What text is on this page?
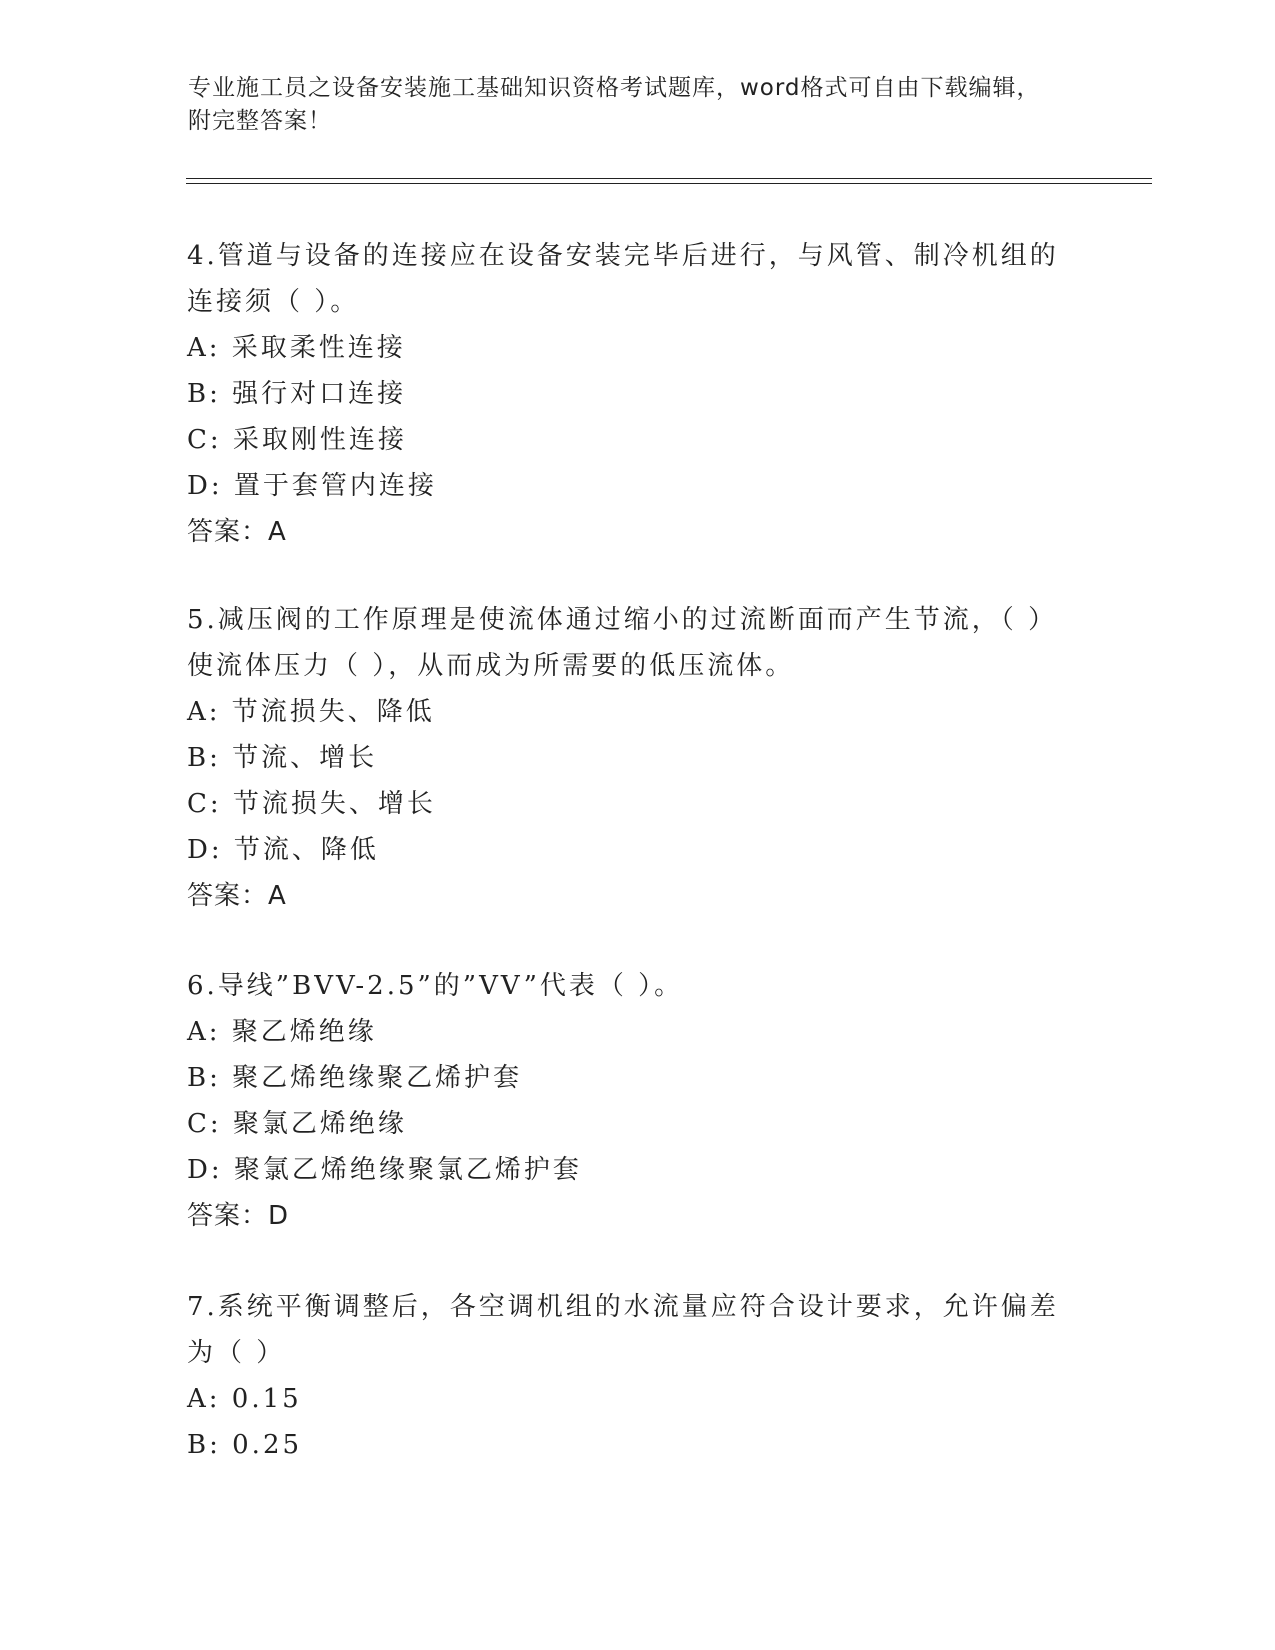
专业施工员之设备安装施工基础知识资格考试题库，word格式可自由下载编辑，
附完整答案！

4.管道与设备的连接应在设备安装完毕后进行，与风管、制冷机组的

连接须（ ）。

A: 采取柔性连接

B: 强行对口连接

C: 采取刚性连接

D: 置于套管内连接

答案：A

5.减压阀的工作原理是使流体通过缩小的过流断面而产生节流，（ ）

使流体压力（ ），从而成为所需要的低压流体。

A: 节流损失、降低

B: 节流、增长

C: 节流损失、增长

D: 节流、降低

答案：A

6.导线”BVV-2.5”的”VV”代表（ ）。

A: 聚乙烯绝缘

B: 聚乙烯绝缘聚乙烯护套

C: 聚氯乙烯绝缘

D: 聚氯乙烯绝缘聚氯乙烯护套

答案：D

7.系统平衡调整后，各空调机组的水流量应符合设计要求，允许偏差

为（ ）

A: 0.15

B: 0.25
